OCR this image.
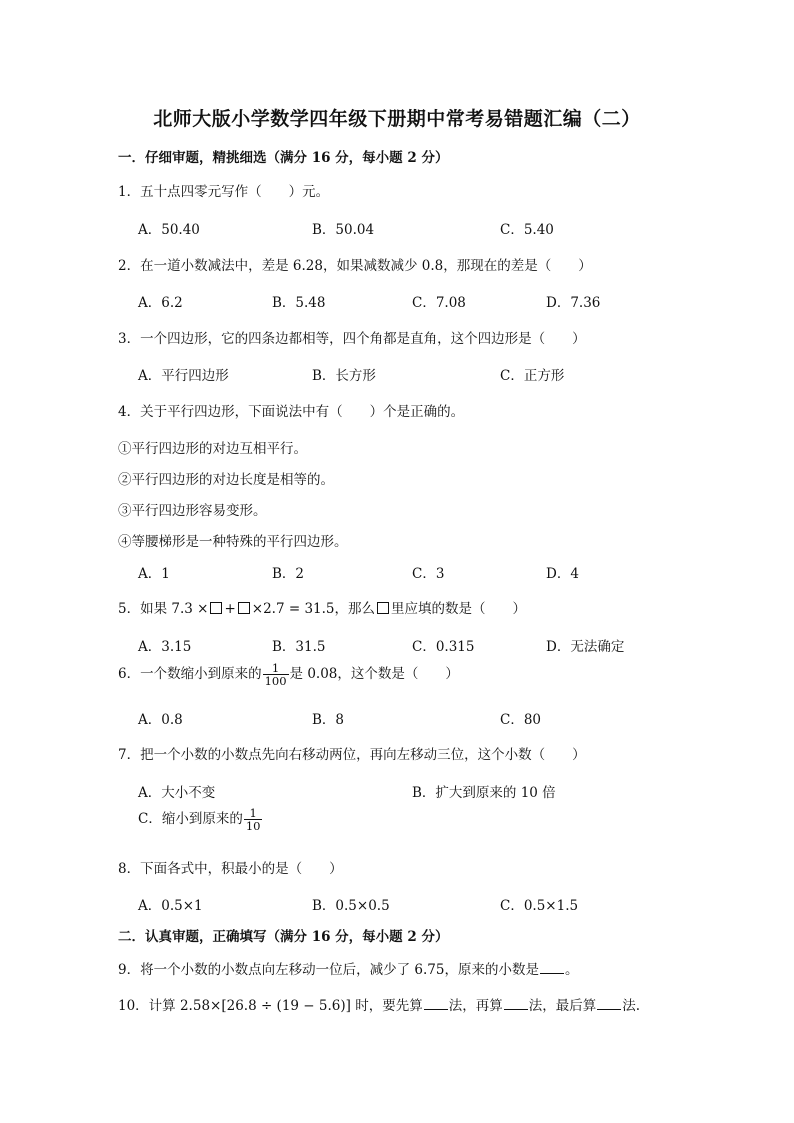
北师大版小学数学四年级下册期中常考易错题汇编（二）
一．仔细审题，精挑细选（满分 16 分，每小题 2 分）
1．五十点四零元写作（　　）元。
A．50.40	B．50.04	C．5.40
2．在一道小数减法中，差是 6.28，如果减数减少 0.8，那现在的差是（　　）
A．6.2	B．5.48	C．7.08	D．7.36
3．一个四边形，它的四条边都相等，四个角都是直角，这个四边形是（　　）
A．平行四边形	B．长方形	C．正方形
4．关于平行四边形，下面说法中有（　　）个是正确的。
①平行四边形的对边互相平行。
②平行四边形的对边长度是相等的。
③平行四边形容易变形。
④等腰梯形是一种特殊的平行四边形。
A．1	B．2	C．3	D．4
5．如果 7.3 × + ×2.7 = 31.5，那么 里应填的数是（　　）
A．3.15	B．31.5	C．0.315	D．无法确定
6．一个数缩小到原来的 $\frac{1}{100}$ 是 0.08，这个数是（　　）
A．0.8	B．8	C．80
7．把一个小数的小数点先向右移动两位，再向左移动三位，这个小数（　　）
A．大小不变	B．扩大到原来的 10 倍
C．缩小到原来的 $\frac{1}{10}$
8．下面各式中，积最小的是（　　）
A．0.5×1	B．0.5×0.5	C．0.5×1.5
二．认真审题，正确填写（满分 16 分，每小题 2 分）
9．将一个小数的小数点向左移动一位后，减少了 6.75，原来的小数是 。
10．计算 2.58×[26.8 ÷ (19 − 5.6)] 时，要先算 法，再算 法，最后算 法.
